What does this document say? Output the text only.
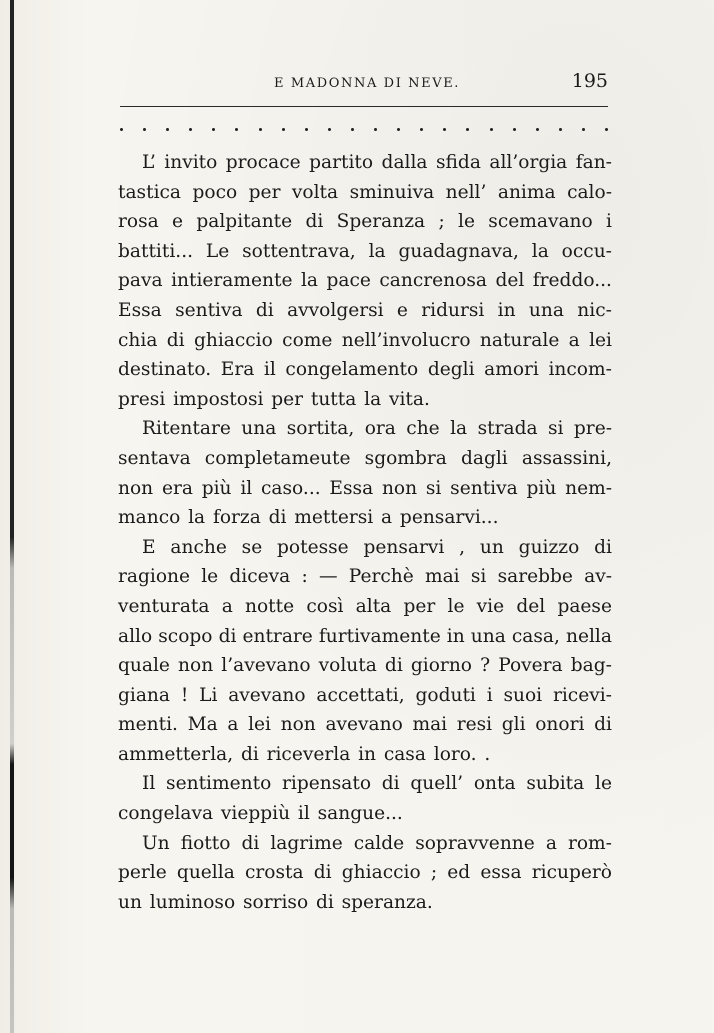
E MADONNA DI NEVE.	195
L’ invito procace partito dalla sfida all’orgia fan-
tastica poco per volta sminuiva nell’ anima calo-
rosa e palpitante di Speranza ; le scemavano i
battiti... Le sottentrava, la guadagnava, la occu-
pava intieramente la pace cancrenosa del freddo...
Essa sentiva di avvolgersi e ridursi in una nic-
chia di ghiaccio come nell’involucro naturale a lei
destinato. Era il congelamento degli amori incom-
presi impostosi per tutta la vita.
Ritentare una sortita, ora che la strada si pre-
sentava completameute sgombra dagli assassini,
non era più il caso... Essa non si sentiva più nem-
manco la forza di mettersi a pensarvi...
E anche se potesse pensarvi , un guizzo di
ragione le diceva : — Perchè mai si sarebbe av-
venturata a notte così alta per le vie del paese
allo scopo di entrare furtivamente in una casa, nella
quale non l’avevano voluta di giorno ? Povera bag-
giana ! Li avevano accettati, goduti i suoi ricevi-
menti. Ma a lei non avevano mai resi gli onori di
ammetterla, di riceverla in casa loro. .
Il sentimento ripensato di quell’ onta subita le
congelava vieppiù il sangue...
Un fiotto di lagrime calde sopravvenne a rom-
perle quella crosta di ghiaccio ; ed essa ricuperò
un luminoso sorriso di speranza.
